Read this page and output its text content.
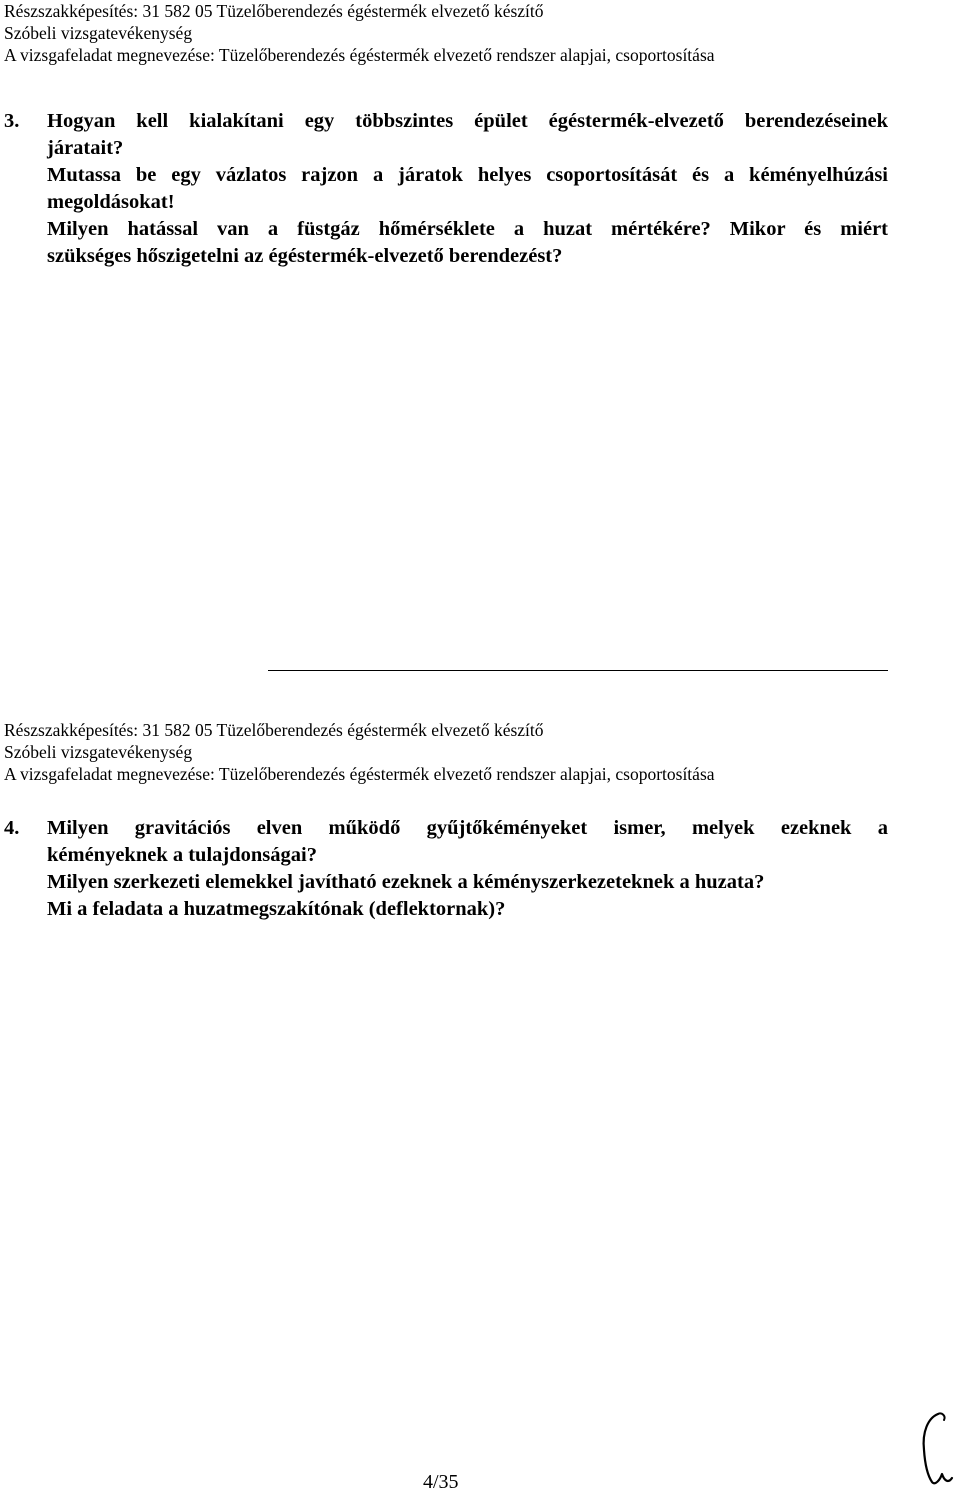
Részszakképesítés: 31 582 05 Tüzelőberendezés égéstermék elvezető készítő
Szóbeli vizsgatevékenység
A vizsgafeladat megnevezése: Tüzelőberendezés égéstermék elvezető rendszer alapjai, csoportosítása
3.	Hogyan kell kialakítani egy többszintes épület égéstermék-elvezető berendezéseinek
járatait?
Mutassa be egy vázlatos rajzon a járatok helyes csoportosítását és a kéményelhúzási
megoldásokat!
Milyen hatással van a füstgáz hőmérséklete a huzat mértékére? Mikor és miért
szükséges hőszigetelni az égéstermék-elvezető berendezést?
Részszakképesítés: 31 582 05 Tüzelőberendezés égéstermék elvezető készítő
Szóbeli vizsgatevékenység
A vizsgafeladat megnevezése: Tüzelőberendezés égéstermék elvezető rendszer alapjai, csoportosítása
4.	Milyen gravitációs elven működő gyűjtőkéményeket ismer, melyek ezeknek a
kéményeknek a tulajdonságai?
Milyen szerkezeti elemekkel javítható ezeknek a kéményszerkezeteknek a huzata?
Mi a feladata a huzatmegszakítónak (deflektornak)?
4/35
